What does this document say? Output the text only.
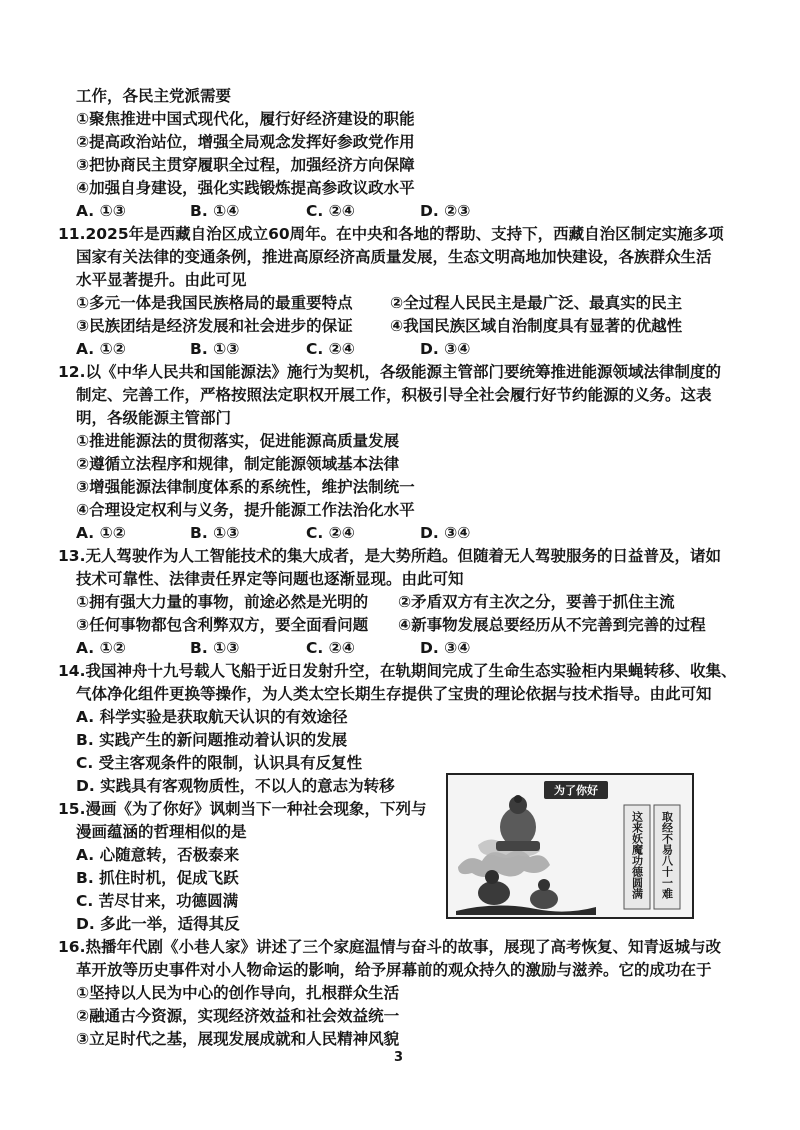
工作，各民主党派需要
①聚焦推进中国式现代化，履行好经济建设的职能
②提高政治站位，增强全局观念发挥好参政党作用
③把协商民主贯穿履职全过程，加强经济方向保障
④加强自身建设，强化实践锻炼提高参政议政水平
A. ①③	B. ①④	C. ②④	D. ②③
11.2025年是西藏自治区成立60周年。在中央和各地的帮助、支持下，西藏自治区制定实施多项
国家有关法律的变通条例，推进高原经济高质量发展，生态文明高地加快建设，各族群众生活
水平显著提升。由此可见
①多元一体是我国民族格局的最重要特点 ②全过程人民民主是最广泛、最真实的民主
③民族团结是经济发展和社会进步的保证 ④我国民族区域自治制度具有显著的优越性
A. ①②	B. ①③	C. ②④	D. ③④
12.以《中华人民共和国能源法》施行为契机，各级能源主管部门要统筹推进能源领域法律制度的
制定、完善工作，严格按照法定职权开展工作，积极引导全社会履行好节约能源的义务。这表
明，各级能源主管部门
①推进能源法的贯彻落实，促进能源高质量发展
②遵循立法程序和规律，制定能源领域基本法律
③增强能源法律制度体系的系统性，维护法制统一
④合理设定权利与义务，提升能源工作法治化水平
A. ①②	B. ①③	C. ②④	D. ③④
13.无人驾驶作为人工智能技术的集大成者，是大势所趋。但随着无人驾驶服务的日益普及，诸如
技术可靠性、法律责任界定等问题也逐渐显现。由此可知
①拥有强大力量的事物，前途必然是光明的 ②矛盾双方有主次之分，要善于抓住主流
③任何事物都包含利弊双方，要全面看问题 ④新事物发展总要经历从不完善到完善的过程
A. ①②	B. ①③	C. ②④	D. ③④
14.我国神舟十九号载人飞船于近日发射升空，在轨期间完成了生命生态实验柜内果蝇转移、收集、
气体净化组件更换等操作，为人类太空长期生存提供了宝贵的理论依据与技术指导。由此可知
A. 科学实验是获取航天认识的有效途径
B. 实践产生的新问题推动着认识的发展
C. 受主客观条件的限制，认识具有反复性
D. 实践具有客观物质性，不以人的意志为转移
15.漫画《为了你好》讽刺当下一种社会现象，下列与
漫画蕴涵的哲理相似的是
A. 心随意转，否极泰来
B. 抓住时机，促成飞跃
C. 苦尽甘来，功德圆满
D. 多此一举，适得其反
为了你好
这来妖魔功德圆满 取经不易八十一难
16.热播年代剧《小巷人家》讲述了三个家庭温情与奋斗的故事，展现了高考恢复、知青返城与改
革开放等历史事件对小人物命运的影响，给予屏幕前的观众持久的激励与滋养。它的成功在于
①坚持以人民为中心的创作导向，扎根群众生活
②融通古今资源，实现经济效益和社会效益统一
③立足时代之基，展现发展成就和人民精神风貌
3
